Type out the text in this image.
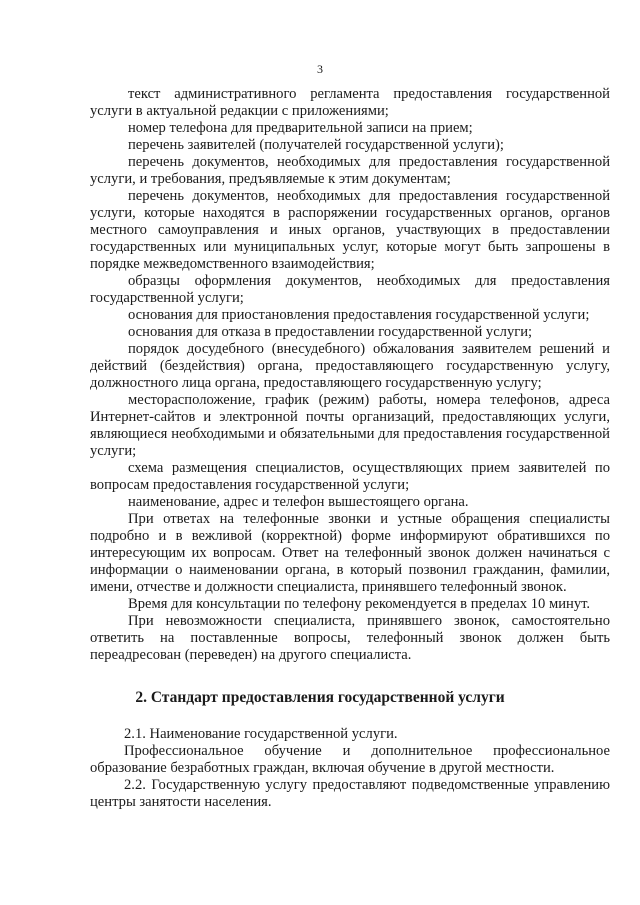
3

текст административного регламента предоставления государственной услуги в актуальной редакции с приложениями;

номер телефона для предварительной записи на прием;

перечень заявителей (получателей государственной услуги);

перечень документов, необходимых для предоставления государственной услуги, и требования, предъявляемые к этим документам;

перечень документов, необходимых для предоставления государственной услуги, которые находятся в распоряжении государственных органов, органов местного самоуправления и иных органов, участвующих в предоставлении государственных или муниципальных услуг, которые могут быть запрошены в порядке межведомственного взаимодействия;

образцы оформления документов, необходимых для предоставления государственной услуги;

основания для приостановления предоставления государственной услуги;

основания для отказа в предоставлении государственной услуги;

порядок досудебного (внесудебного) обжалования заявителем решений и действий (бездействия) органа, предоставляющего государственную услугу, должностного лица органа, предоставляющего государственную услугу;

месторасположение, график (режим) работы, номера телефонов, адреса Интернет-сайтов и электронной почты организаций, предоставляющих услуги, являющиеся необходимыми и обязательными для предоставления государственной услуги;

схема размещения специалистов, осуществляющих прием заявителей по вопросам предоставления государственной услуги;

наименование, адрес и телефон вышестоящего органа.

При ответах на телефонные звонки и устные обращения специалисты подробно и в вежливой (корректной) форме информируют обратившихся по интересующим их вопросам. Ответ на телефонный звонок должен начинаться с информации о наименовании органа, в который позвонил гражданин, фамилии, имени, отчестве и должности специалиста, принявшего телефонный звонок.

Время для консультации по телефону рекомендуется в пределах 10 минут.

При невозможности специалиста, принявшего звонок, самостоятельно ответить на поставленные вопросы, телефонный звонок должен быть переадресован (переведен) на другого специалиста.

2. Стандарт предоставления государственной услуги

2.1. Наименование государственной услуги.

Профессиональное обучение и дополнительное профессиональное образование безработных граждан, включая обучение в другой местности.

2.2. Государственную услугу предоставляют подведомственные управлению центры занятости населения.
